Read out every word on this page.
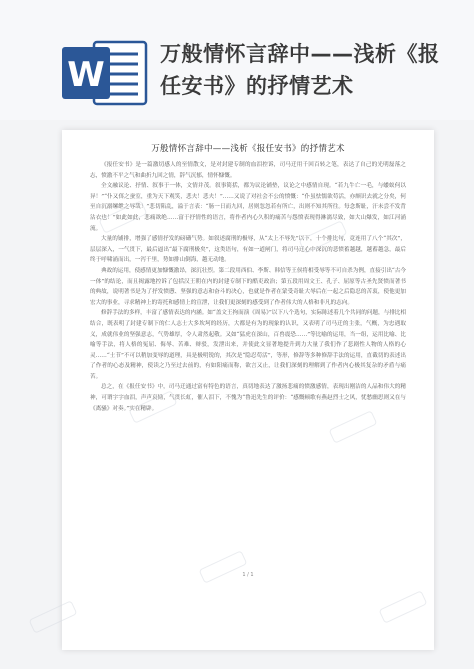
W
万般情怀言辞中——浅析《报任安书》的抒情艺术
万般情怀言辞中——浅析《报任安书》的抒情艺术

《报任安书》是一篇激切感人的至情散文，是对封建专制的血泪控诉，司马迁用千回百转之笔，表达了自己的光明磊落之志，愤激不平之气和曲折九回之情，辞气沉郁，情怀慷慨。

全文融议论、抒情、叙事于一体，文情并茂。叙事简括，都为议论铺垫，议论之中感情自现。“若九牛亡一毛，与蝼蚁何以异！”“仆又佴之蚕室，重为天下观笑，悲夫！悲夫！”……又说了对社会不公的愤慨：“仆虽怯懦欲苟活，亦颇识去就之分矣，何至自沉溺缧绁之辱哉！”悲切陷乱，溢于言表：“肠一日而九回，居则忽忽若有所亡，出则不知其所往。每念斯耻，汗未尝不发背沾衣也！”如此如此，悲痛欲绝……富于抒情性的语言，将作者内心久积的痛苦与怨愤表现得淋漓尽致，如大山爆发，如江河涌流。

大量的铺排，增强了感情抒发的磅礴气势。如叙述腐刑的极辱，从“太上不辱先”以下，十个排比句，竟连用了八个“其次”，层层深入，一气贯下，最后逼出“最下腐刑极矣”，这类语句，有如一道闸门，将司马迁心中深沉的悲愤蓄越越，越蓄越急，最后终于呼啸涌而出，一泻千里，势如排山倒海，越无动地。

典故的运用，使感情更加慷慨激昂，深沉壮烈。第二段用西伯、李斯、韩信等王侯将相受辱等不可自杀为例，直接引出“古今一体”的结论，而且揭露地控诉了包括汉王朝在内的封建专制下的酷吏政治；第五段用周文王、孔子、屈原等古圣先贤愤而著书的典故，说明著书是为了抒发愤懑、坚强的意志和奋斗的决心，也就是作者在蒙受奇耻大辱后在一起之后隐忍的苦衷，使他更加宏大的事业，寻求精神上的寄托和感情上的宣泄，让我们更深刻的感受到了作者伟大的人格和非凡的志向。

修辞手法的多样，丰富了感情表达的内涵。如“盖文王拘而演《周易》”以下八个选句，实际陈述着几个共同的问题，与排比相结合，既表明了封建专制下的仁人志士大多坎坷的经历，大都是有为的现象的认识，又表明了司马迁的主张，气概，为忠遇取义，成就伟业的坚强意志，气势雄厚，令人肃然起敬。又如“猛虎在深山，百兽震恐……”等比喻的运用，当一组，运用比喻、比喻等手法，将人格的冤屈、侮辱、苦难、辩驳，发泄出来，并使此文显著地提升到力大量了我们作了悲剧性人物的人格的心灵……“士节”不可以稍加变辱的道理，具是极明锐的，其次是“隐忍苟活”，等形，修辞等多种修辞手法的运用，直截切的表述出了作者的心态及精神，使读之乃至过去前的，有如阳痛而称，欲言又止，让我们深刻的理解到了作者内心极其复杂的矛盾与痛苦。

总之，在《报任安书》中，司马迁通过富有特色的语言，真切地表达了激扬悲痛的愤激感情，表现出刚洁的人品和伟大的精神，可谓字字血泪，声声哀恸，气贯长虹，催人泪下，不愧为“鲁迅先生的评价：“感慨顿歌有燕赵烈士之风，忧愁幽思则又在与《离骚》对奏。”实在精辟。

1 / 1
